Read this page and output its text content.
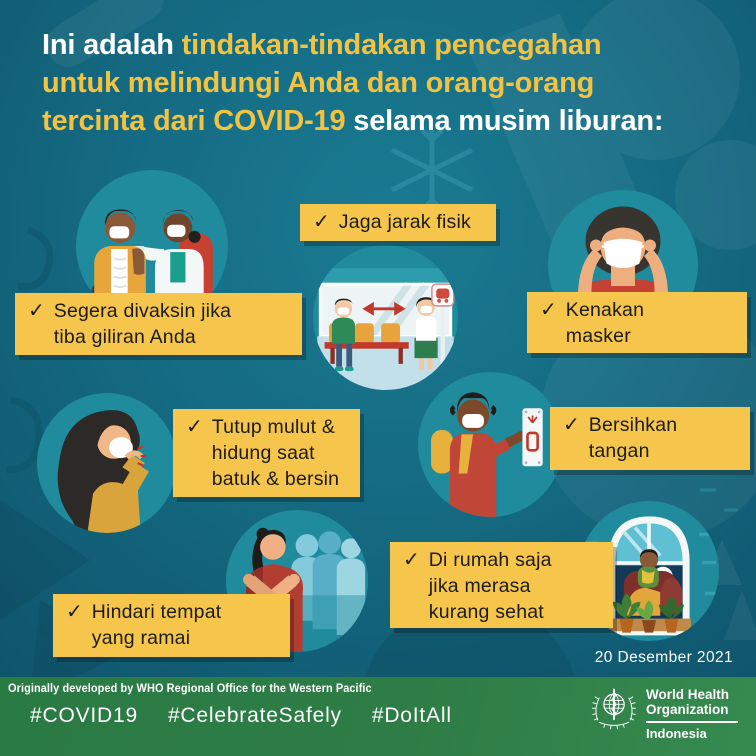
Ini adalah tindakan-tindakan pencegahan
untuk melindungi Anda dan orang-orang
tercinta dari COVID-19 selama musim liburan:
✓ Segera divaksin jika
tiba giliran Anda
✓ Jaga jarak fisik
✓ Kenakan
masker
✓ Tutup mulut &
hidung saat
batuk & bersin
✓ Bersihkan
tangan
✓ Hindari tempat
yang ramai
✓ Di rumah saja
jika merasa
kurang sehat
20 Desember 2021
Originally developed by WHO Regional Office for the Western Pacific
#COVID19 #CelebrateSafely #DoItAll
World Health
Organization
Indonesia
